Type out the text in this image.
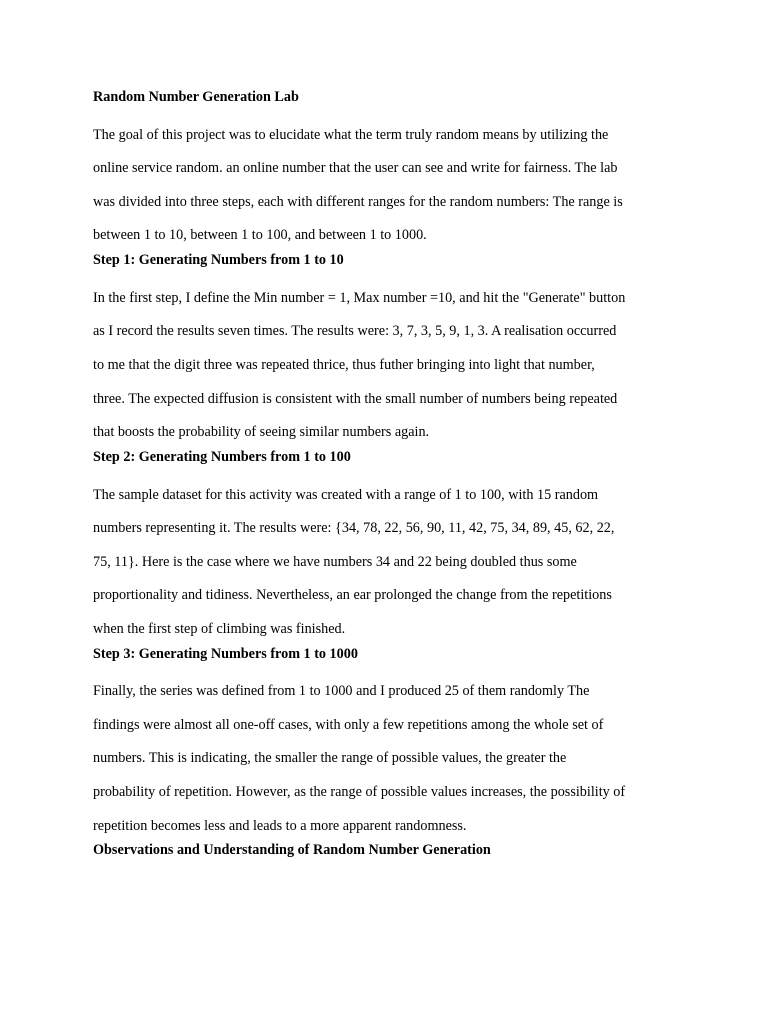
Random Number Generation Lab
The goal of this project was to elucidate what the term truly random means by utilizing the
online service random. an online number that the user can see and write for fairness. The lab
was divided into three steps, each with different ranges for the random numbers: The range is
between 1 to 10, between 1 to 100, and between 1 to 1000.
Step 1: Generating Numbers from 1 to 10
In the first step, I define the Min number = 1, Max number =10, and hit the "Generate" button
as I record the results seven times. The results were: 3, 7, 3, 5, 9, 1, 3. A realisation occurred
to me that the digit three was repeated thrice, thus futher bringing into light that number,
three. The expected diffusion is consistent with the small number of numbers being repeated
that boosts the probability of seeing similar numbers again.
Step 2: Generating Numbers from 1 to 100
The sample dataset for this activity was created with a range of 1 to 100, with 15 random
numbers representing it. The results were: {34, 78, 22, 56, 90, 11, 42, 75, 34, 89, 45, 62, 22,
75, 11}. Here is the case where we have numbers 34 and 22 being doubled thus some
proportionality and tidiness. Nevertheless, an ear prolonged the change from the repetitions
when the first step of climbing was finished.
Step 3: Generating Numbers from 1 to 1000
Finally, the series was defined from 1 to 1000 and I produced 25 of them randomly The
findings were almost all one-off cases, with only a few repetitions among the whole set of
numbers. This is indicating, the smaller the range of possible values, the greater the
probability of repetition. However, as the range of possible values increases, the possibility of
repetition becomes less and leads to a more apparent randomness.
Observations and Understanding of Random Number Generation
